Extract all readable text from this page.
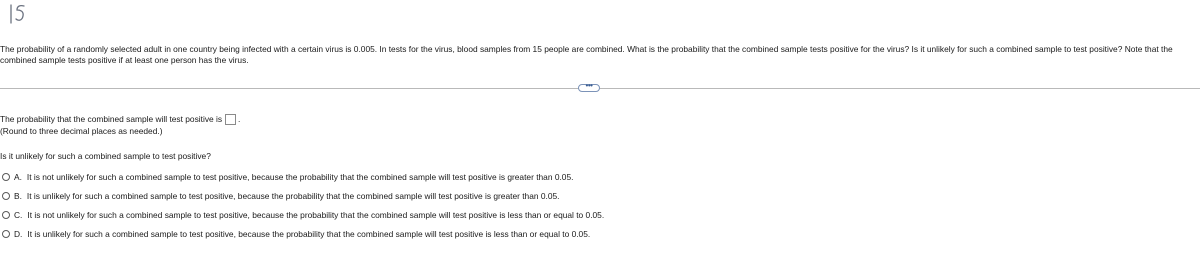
The probability of a randomly selected adult in one country being infected with a certain virus is 0.005. In tests for the virus, blood samples from 15 people are combined. What is the probability that the combined sample tests positive for the virus? Is it unlikely for such a combined sample to test positive? Note that the combined sample tests positive if at least one person has the virus.
•••
The probability that the combined sample will test positive is .
(Round to three decimal places as needed.)
Is it unlikely for such a combined sample to test positive?
A. It is not unlikely for such a combined sample to test positive, because the probability that the combined sample will test positive is greater than 0.05.
B. It is unlikely for such a combined sample to test positive, because the probability that the combined sample will test positive is greater than 0.05.
C. It is not unlikely for such a combined sample to test positive, because the probability that the combined sample will test positive is less than or equal to 0.05.
D. It is unlikely for such a combined sample to test positive, because the probability that the combined sample will test positive is less than or equal to 0.05.
